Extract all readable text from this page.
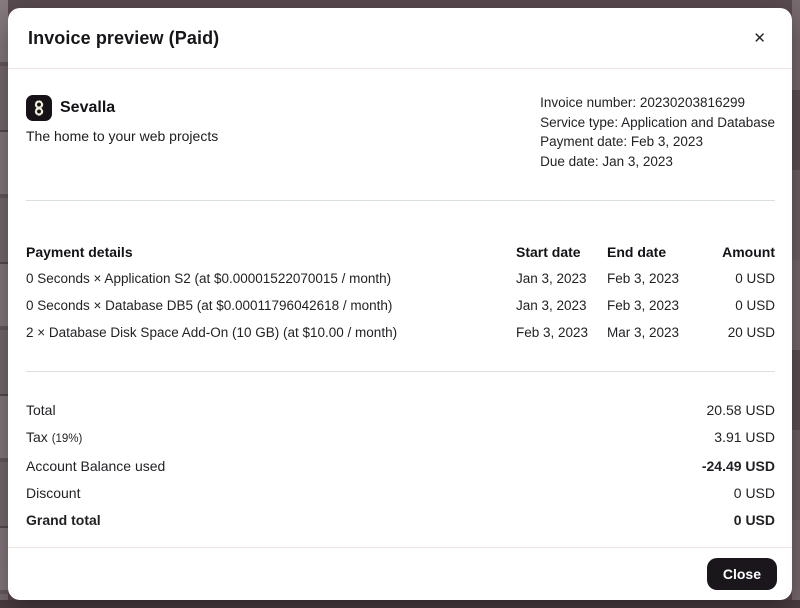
Invoice preview (Paid)	✕
Sevalla
The home to your web projects
Invoice number: 20230203816299
Service type: Application and Database
Payment date: Feb 3, 2023
Due date: Jan 3, 2023
Payment details	Start date	End date	Amount
0 Seconds × Application S2 (at $0.00001522070015 / month)	Jan 3, 2023	Feb 3, 2023	0 USD
0 Seconds × Database DB5 (at $0.00011796042618 / month)	Jan 3, 2023	Feb 3, 2023	0 USD
2 × Database Disk Space Add-On (10 GB) (at $10.00 / month)	Feb 3, 2023	Mar 3, 2023	20 USD
Total	20.58 USD
Tax (19%)	3.91 USD
Account Balance used	-24.49 USD
Discount	0 USD
Grand total	0 USD
Close
